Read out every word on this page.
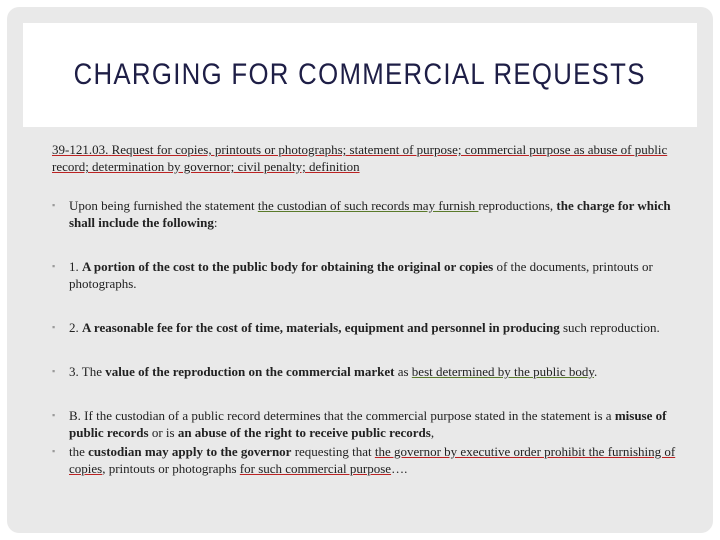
CHARGING FOR COMMERCIAL REQUESTS

39-121.03. Request for copies, printouts or photographs; statement of purpose; commercial purpose as abuse of public record; determination by governor; civil penalty; definition

▪ Upon being furnished the statement the custodian of such records may furnish reproductions, the charge for which shall include the following:
▪ 1. A portion of the cost to the public body for obtaining the original or copies of the documents, printouts or photographs.
▪ 2. A reasonable fee for the cost of time, materials, equipment and personnel in producing such reproduction.
▪ 3. The value of the reproduction on the commercial market as best determined by the public body.
▪ B. If the custodian of a public record determines that the commercial purpose stated in the statement is a misuse of public records or is an abuse of the right to receive public records,
▪ the custodian may apply to the governor requesting that the governor by executive order prohibit the furnishing of copies, printouts or photographs for such commercial purpose….
